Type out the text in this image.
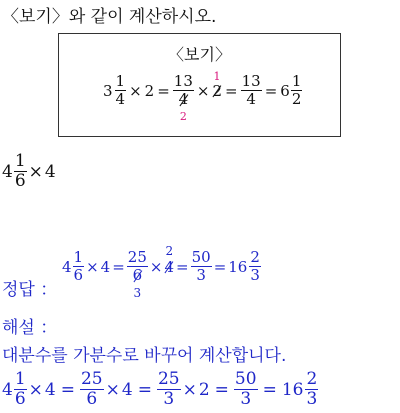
〈보기〉와 같이 계산하시오.
〈보기〉
$3 \frac{1}{4} \times 2$ =
13
4
2
× 2
1
= $\frac{13}{4} = 6 \frac{1}{2}$
$4 \frac{1}{6} \times 4$
정답 ：
$4 \frac{1}{6} \times 4$ =
25
6
3
× 4
2
= $\frac{50}{3} = 16 \frac{2}{3}$
해설 ：
대분수를 가분수로 바꾸어 계산합니다.
$4 \frac{1}{6} \times 4 = \frac{25}{6} \times 4 = \frac{25}{3} \times 2 = \frac{50}{3} = 16 \frac{2}{3}$
